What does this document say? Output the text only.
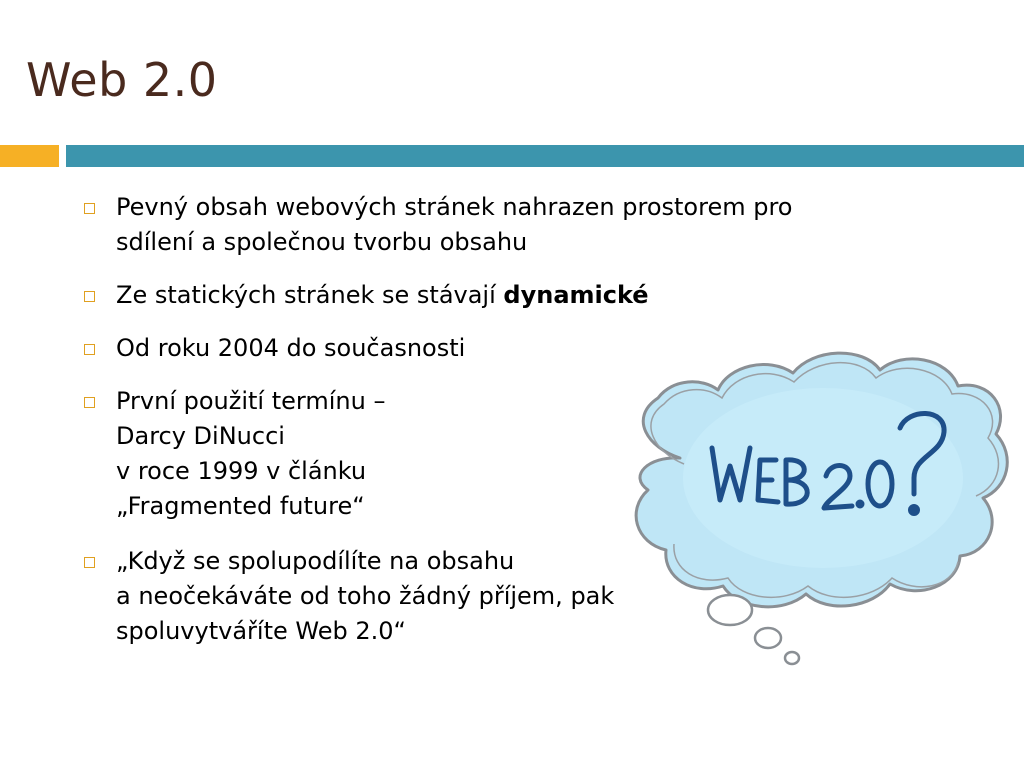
Web 2.0
Pevný obsah webových stránek nahrazen prostorem pro
sdílení a společnou tvorbu obsahu
Ze statických stránek se stávají dynamické
Od roku 2004 do současnosti
První použití termínu –
Darcy DiNucci
v roce 1999 v článku
„Fragmented future“
„Když se spolupodílíte na obsahu
a neočekáváte od toho žádný příjem, pak
spoluvytváříte Web 2.0“
